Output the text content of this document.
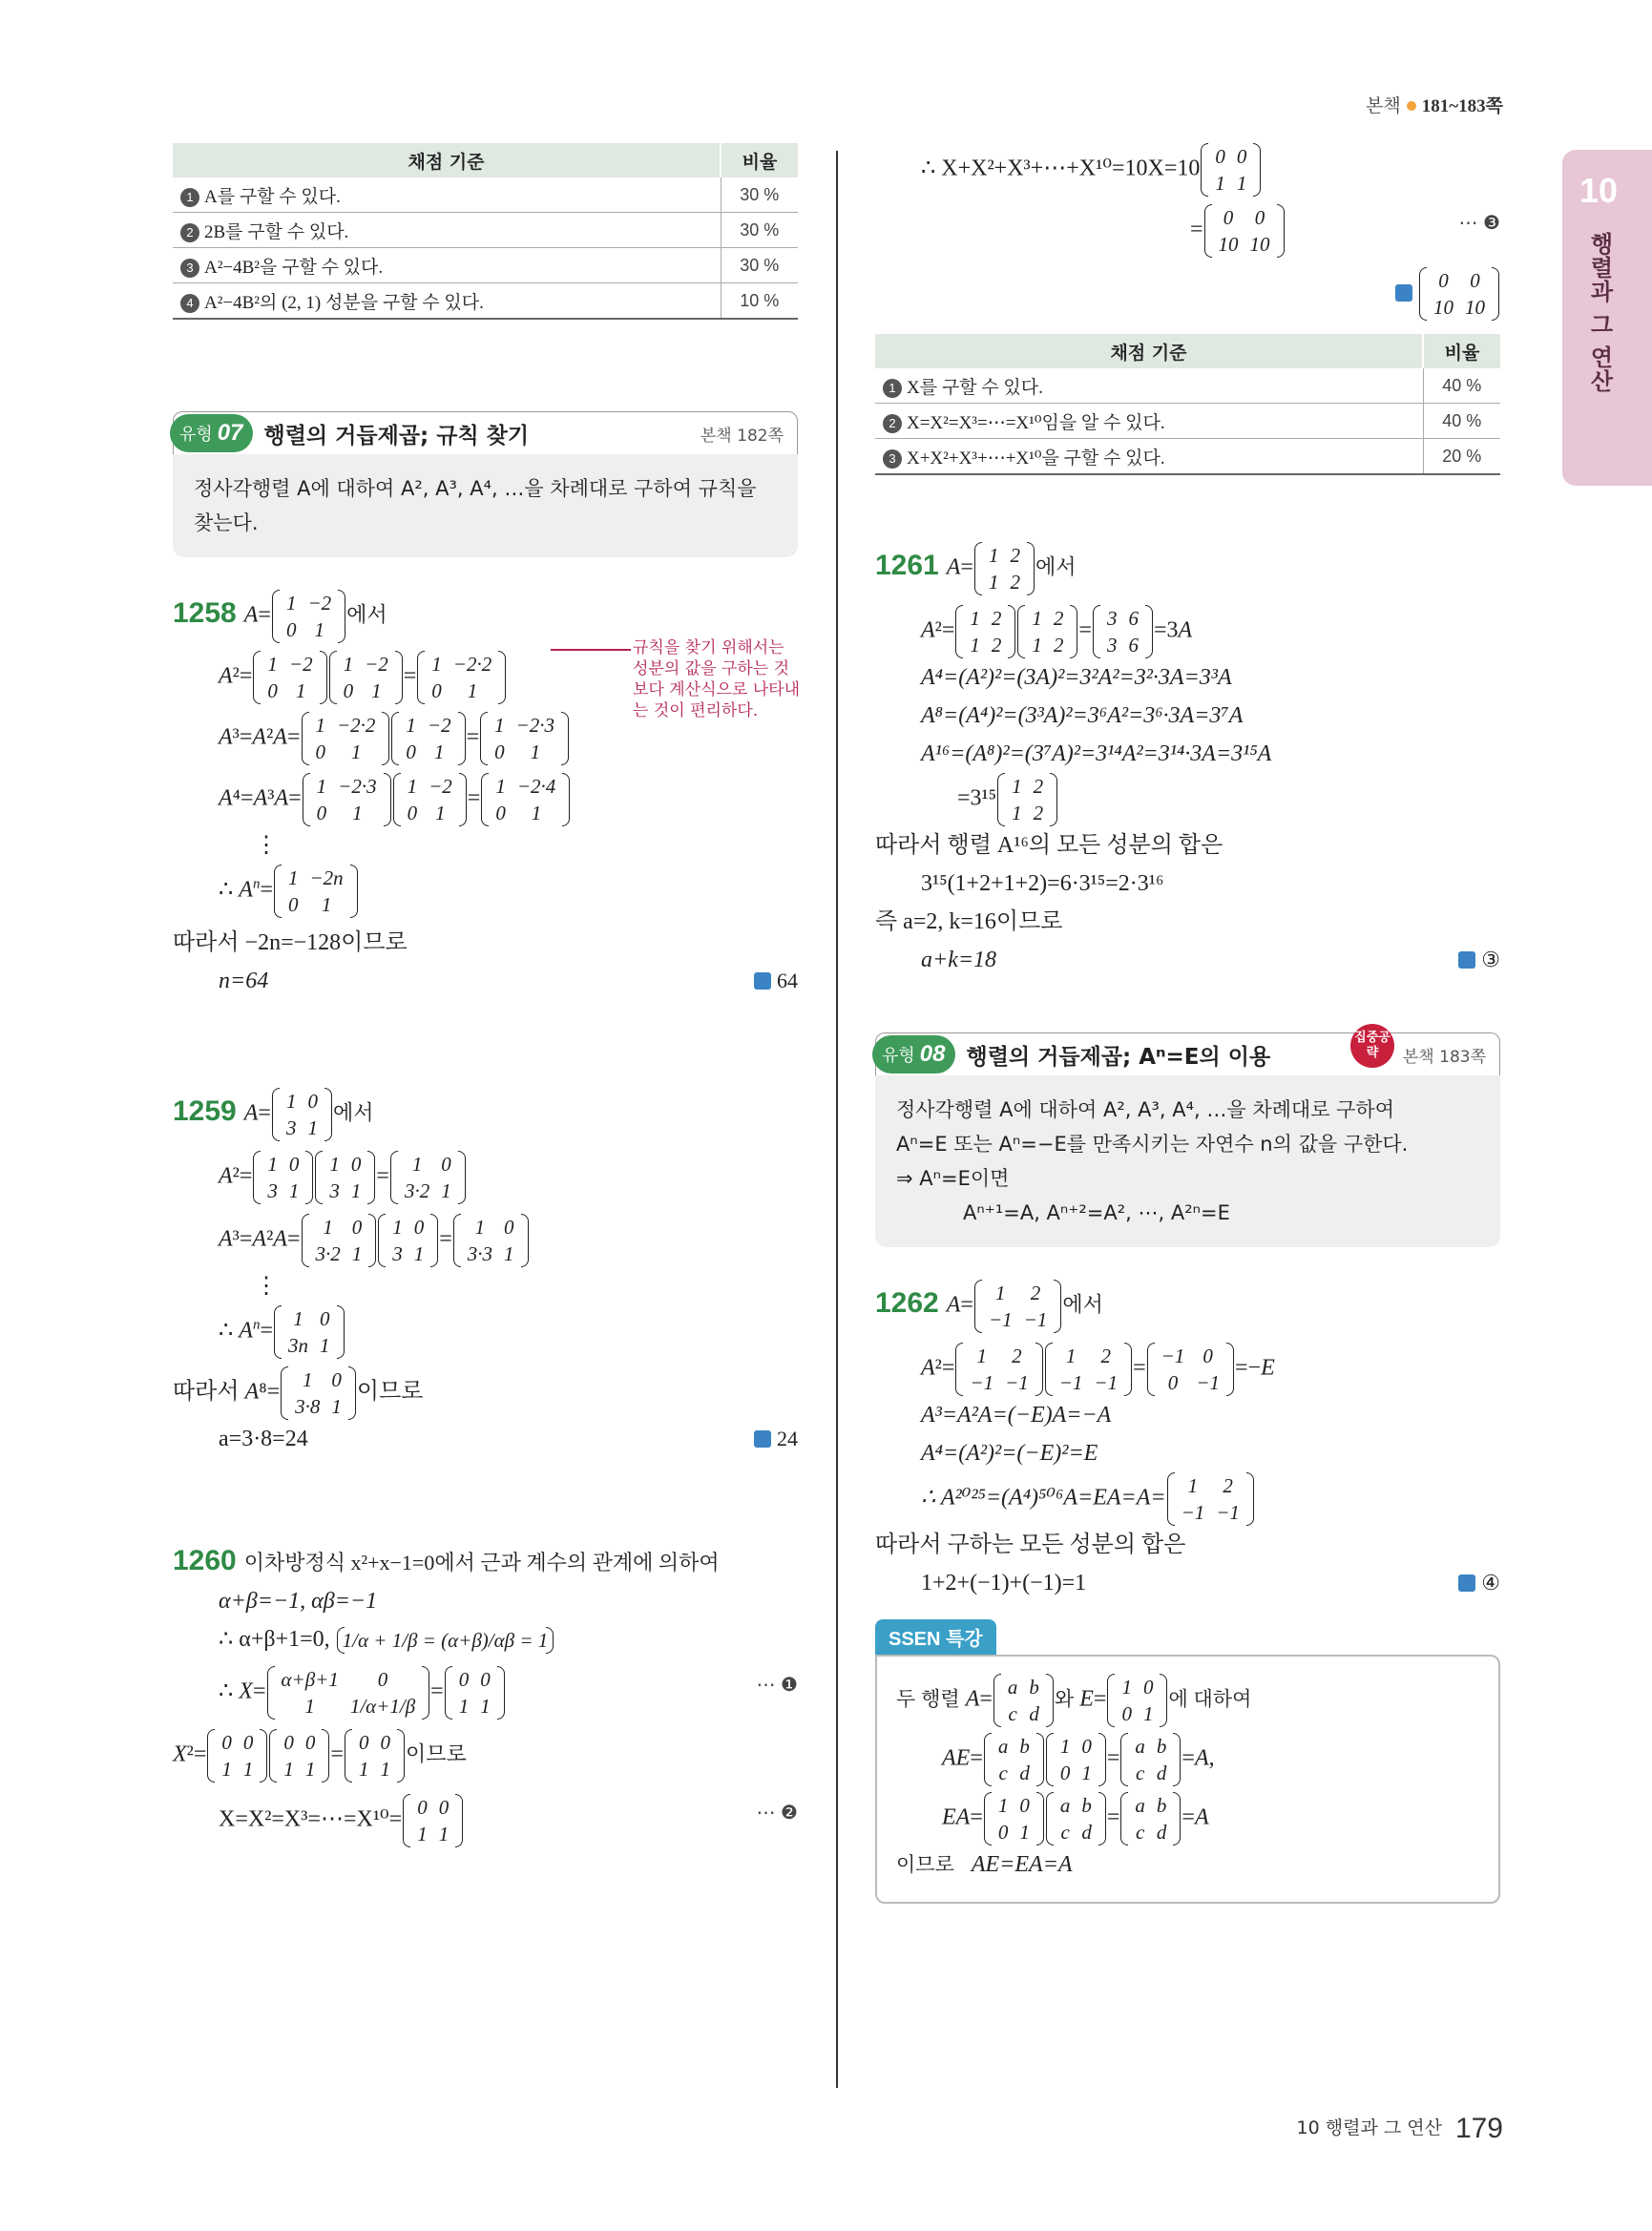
본책 181~183쪽
10
행렬과 그 연산
채점 기준	비율
1 A를 구할 수 있다.	30 %
2 2B를 구할 수 있다.	30 %
3 A²−4B²을 구할 수 있다.	30 %
4 A²−4B²의 (2, 1) 성분을 구할 수 있다.	10 %
유형 07 행렬의 거듭제곱; 규칙 찾기	본책 182쪽
정사각행렬 A에 대하여 A², A³, A⁴, …을 차례대로 구하여 규칙을 찾는다.
1258 A= 1	−2
0	1
에서
A²= 1	−2
0	1
1	−2
0	1
= 1	−2·2
0	1
규칙을 찾기 위해서는 성분의 값을 구하는 것보다 계산식으로 나타내는 것이 편리하다.
A³=A²A= 1	−2·2
0	1
1	−2
0	1
= 1	−2·3
0	1
A⁴=A³A= 1	−2·3
0	1
1	−2
0	1
= 1	−2·4
0	1
⋮
∴ $A^n= 1$	−2n
0	1
따라서 −2n=−128이므로
n=64	64
1259 A= 1	0
3	1
에서
A²= 1	0
3	1
1	0
3	1
= 1	0
3·2	1
A³=A²A= 1	0
3·2	1
1	0
3	1
= 1	0
3·3	1
⋮
∴ $A^n= 1$	0
3n	1
따라서 A⁸= 1	0
3·8	1
이므로
a=3·8=24	24
1260 이차방정식 x²+x−1=0에서 근과 계수의 관계에 의하여
α+β=−1, αβ=−1
∴ α+β+1=0, 1/α + 1/β = (α+β)/αβ = 1
∴ X= α+β+1	0
1	1/α+1/β
= 0	0
1	1
⋯ ❶
X²= 0	0
1	1
0	0
1	1
= 0	0
1	1
이므로
X=X²=X³=⋯=X¹⁰= 0	0
1	1
⋯ ❷
∴ X+X²+X³+⋯+X¹⁰=10X=10 0	0
1	1
= 0	0
10	10
⋯ ❸
0	0
10	10
채점 기준	비율
1 X를 구할 수 있다.	40 %
2 X=X²=X³=⋯=X¹⁰임을 알 수 있다.	40 %
3 X+X²+X³+⋯+X¹⁰을 구할 수 있다.	20 %
1261 A= 1	2
1	2
에서
A²= 1	2
1	2
1	2
1	2
= 3	6
3	6
=3A
A⁴=(A²)²=(3A)²=3²A²=3²·3A=3³A
A⁸=(A⁴)²=(3³A)²=3⁶A²=3⁶·3A=3⁷A
A¹⁶=(A⁸)²=(3⁷A)²=3¹⁴A²=3¹⁴·3A=3¹⁵A
=3¹⁵ 1	2
1	2
따라서 행렬 A¹⁶의 모든 성분의 합은
3¹⁵(1+2+1+2)=6·3¹⁵=2·3¹⁶
즉 a=2, k=16이므로
a+k=18	③
유형 08 행렬의 거듭제곱; Aⁿ=E의 이용
집중공략	본책 183쪽
정사각행렬 A에 대하여 A², A³, A⁴, …을 차례대로 구하여
Aⁿ=E 또는 Aⁿ=−E를 만족시키는 자연수 n의 값을 구한다.
⇒ Aⁿ=E이면
Aⁿ⁺¹=A, Aⁿ⁺²=A², ⋯, A²ⁿ=E
1262 A= 1	2
−1	−1
에서
A²= 1	2
−1	−1
1	2
−1	−1
= −1	0
0	−1
=−E
A³=A²A=(−E)A=−A
A⁴=(A²)²=(−E)²=E
∴ A²⁰²⁵=(A⁴)⁵⁰⁶A=EA=A= 1	2
−1	−1
따라서 구하는 모든 성분의 합은
1+2+(−1)+(−1)=1	④
SSEN 특강
두 행렬 A= a	b
c	d
와 E= 1	0
0	1
에 대하여
AE= a	b
c	d
1	0
0	1
= a	b
c	d
=A,
EA= 1	0
0	1
a	b
c	d
= a	b
c	d
=A
이므로 AE=EA=A
10 행렬과 그 연산 179
